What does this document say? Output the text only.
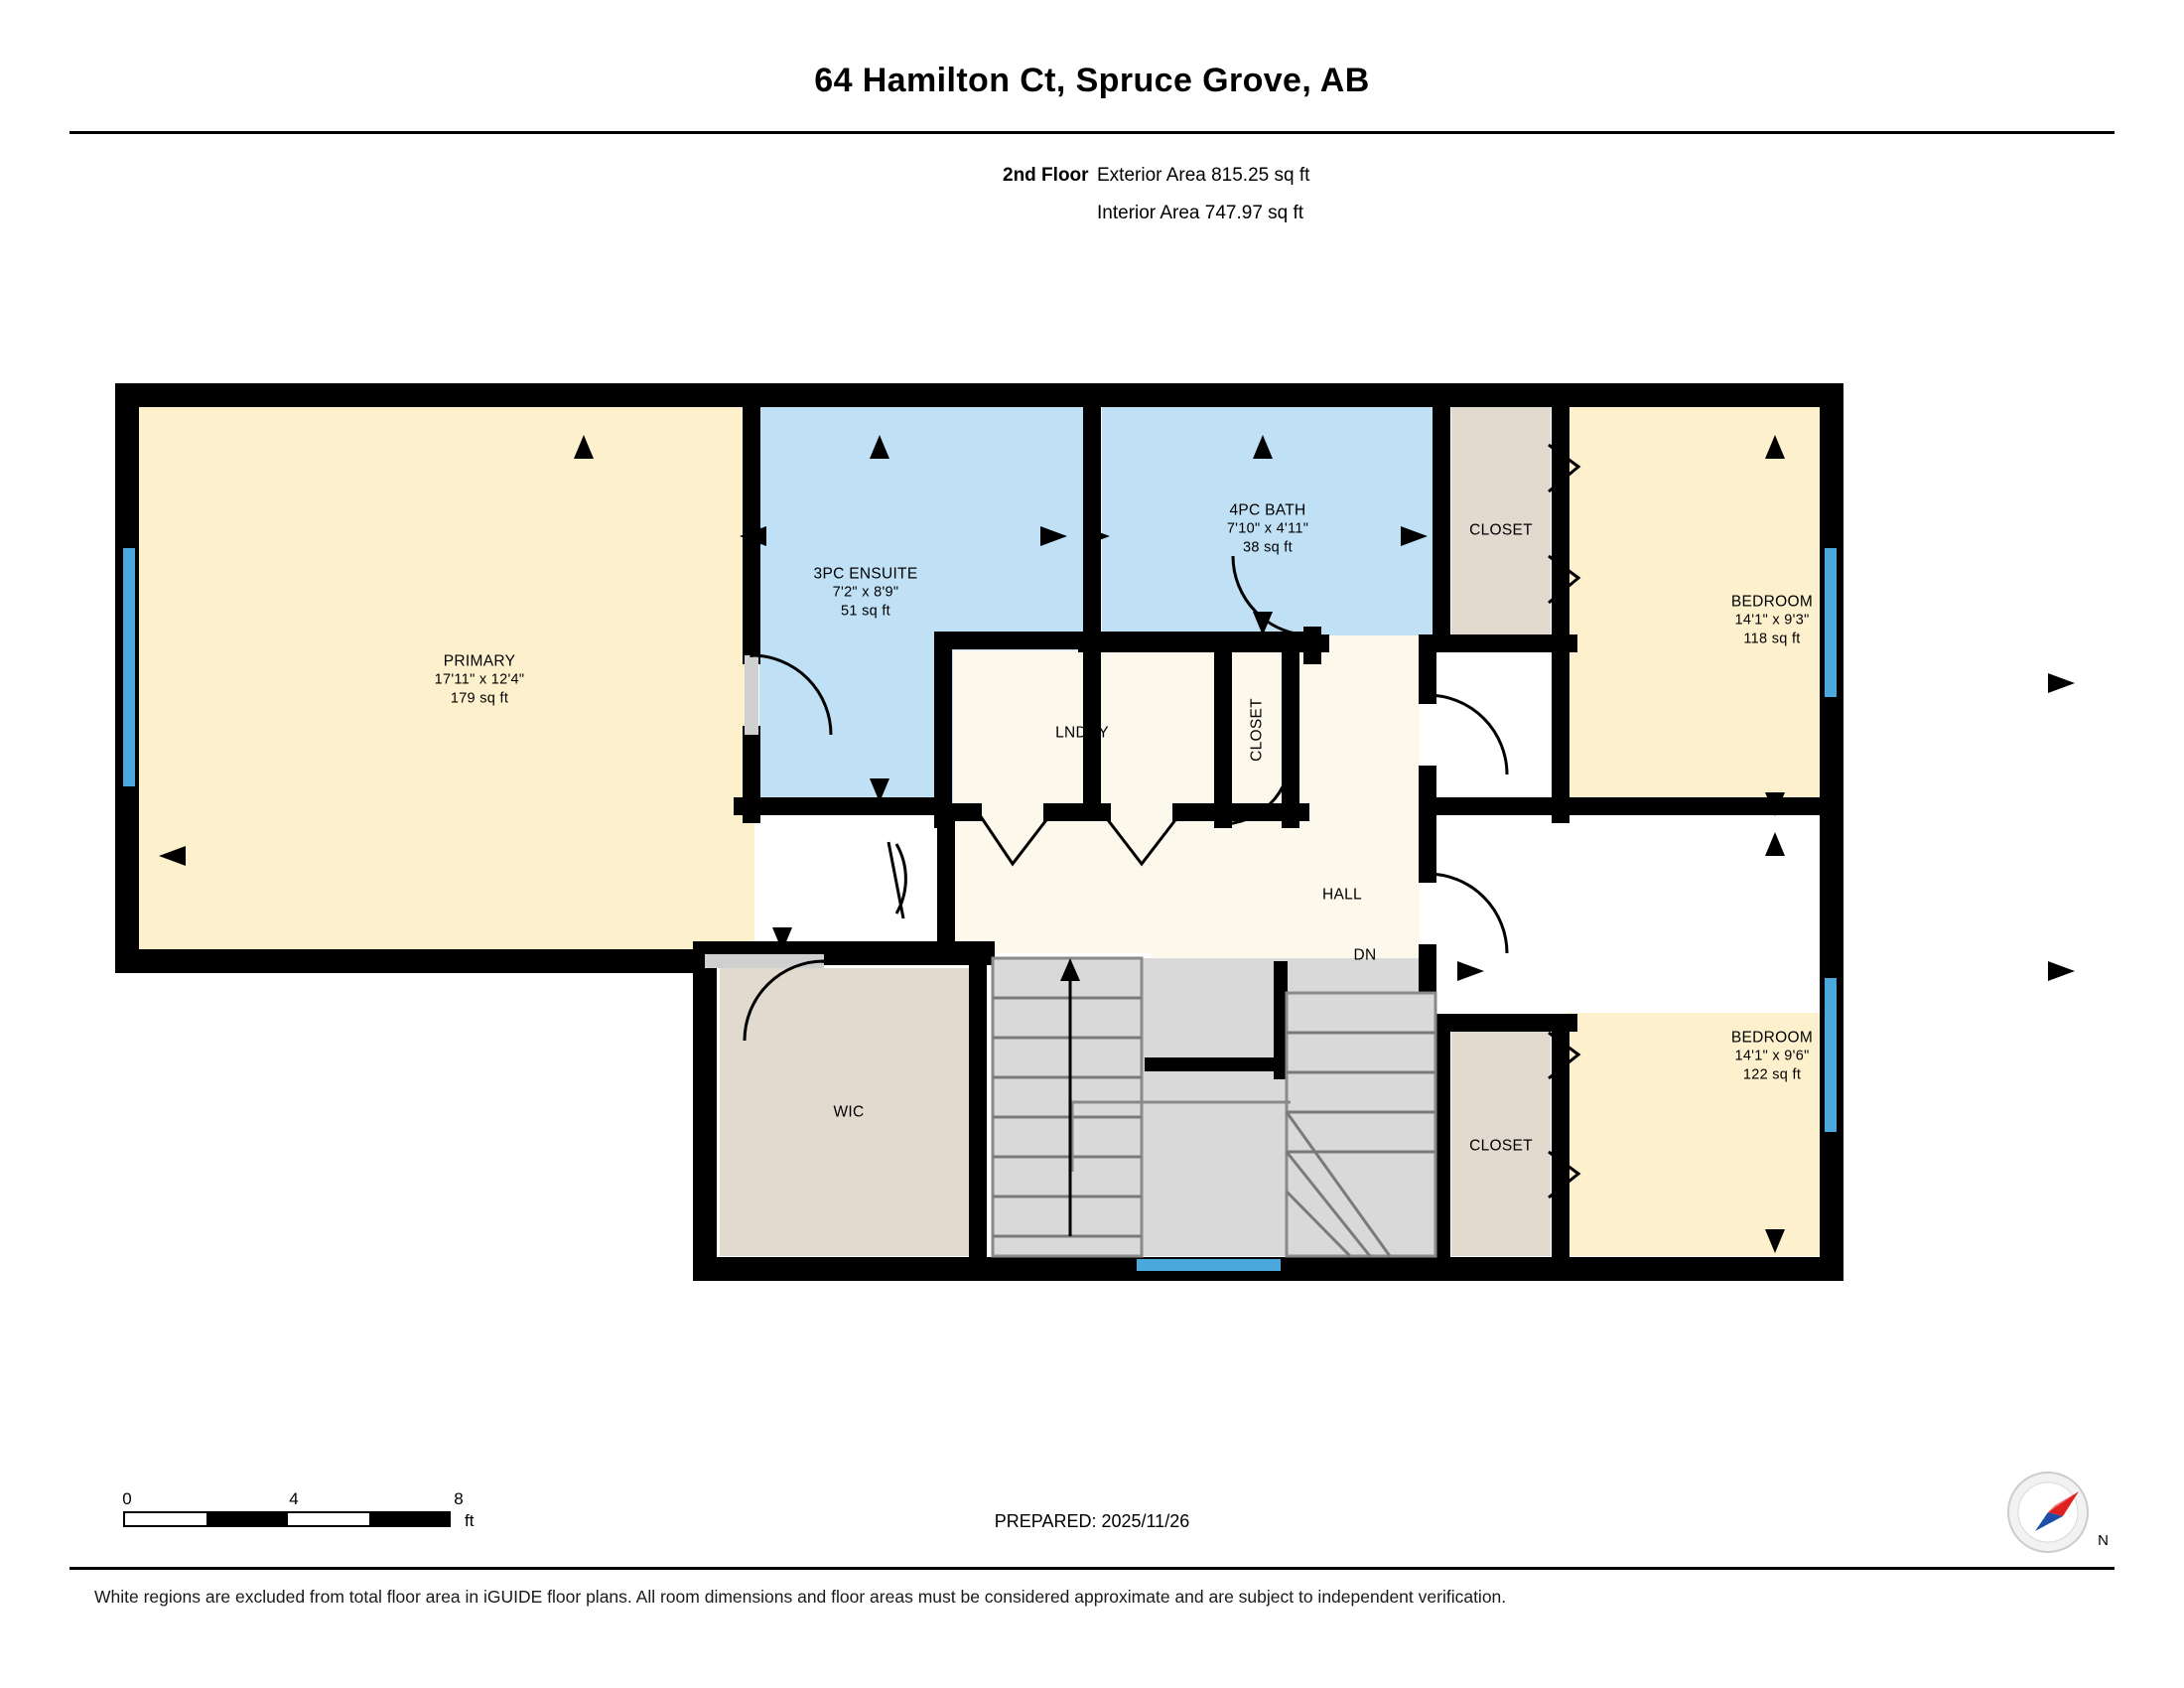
64 Hamilton Ct, Spruce Grove, AB
2nd Floor Exterior Area 815.25 sq ft
Interior Area 747.97 sq ft
PRIMARY
17'11" x 12'4"
179 sq ft
3PC ENSUITE
7'2" x 8'9"
51 sq ft
4PC BATH
7'10" x 4'11"
38 sq ft
BEDROOM
14'1" x 9'3"
118 sq ft
BEDROOM
14'1" x 9'6"
122 sq ft
CLOSET
CLOSET
CLOSET
LNDRY
HALL
DN
WIC
0	4	8
ft	PREPARED: 2025/11/26
N
White regions are excluded from total floor area in iGUIDE floor plans. All room dimensions and floor areas must be considered approximate and are subject to independent verification.
